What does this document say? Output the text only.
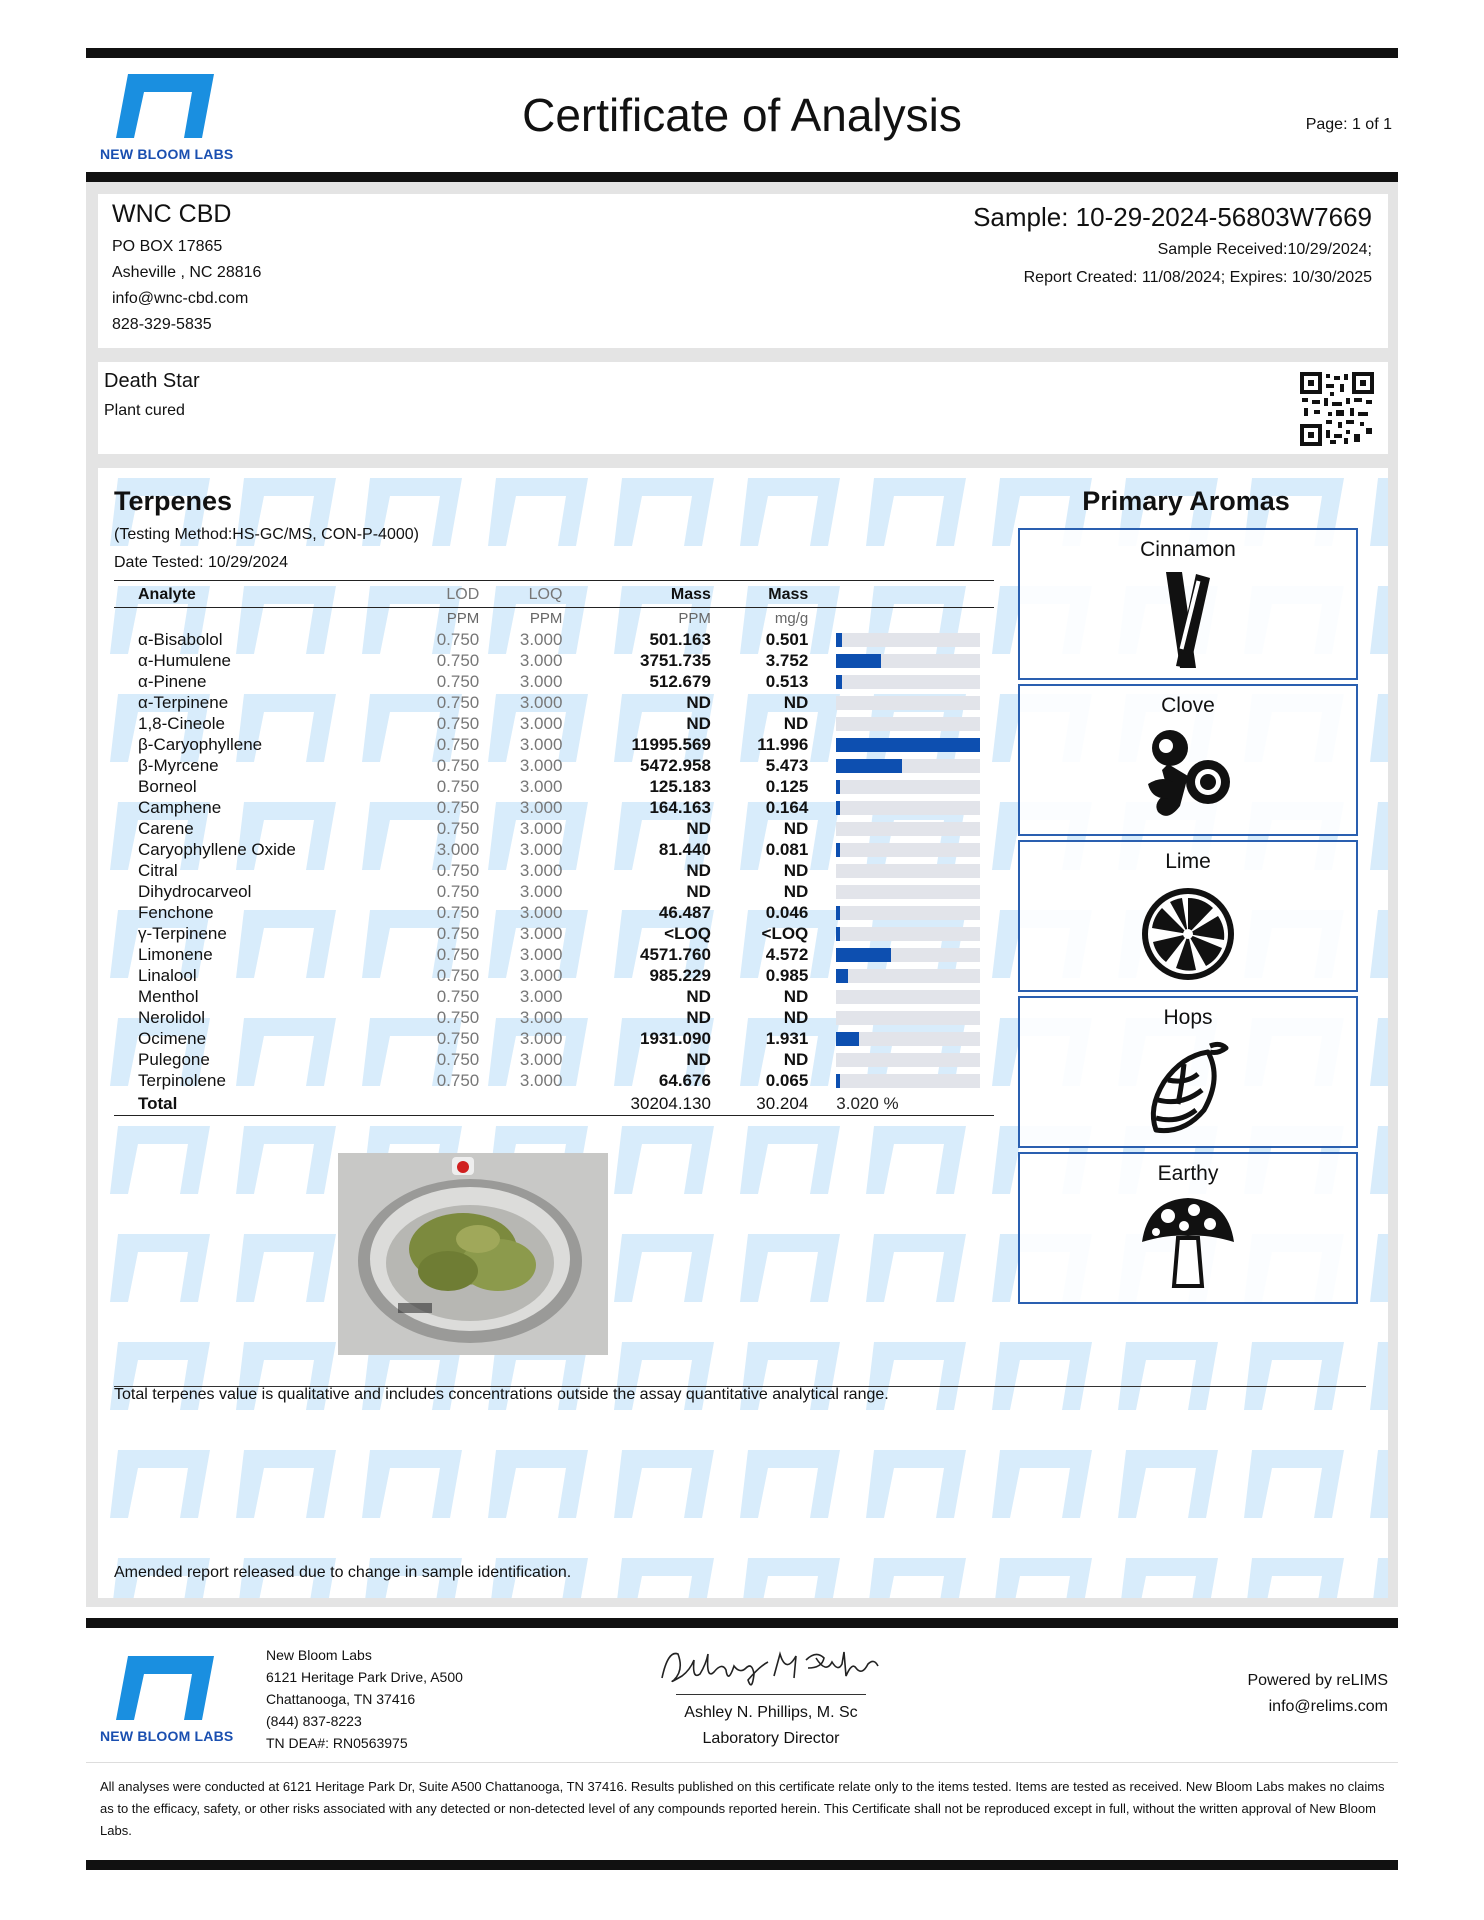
NEW BLOOM LABS
Certificate of Analysis	Page: 1 of 1
WNC CBD
PO BOX 17865
Asheville , NC 28816
info@wnc-cbd.com
828-329-5835
Sample: 10-29-2024-56803W7669
Sample Received:10/29/2024;
Report Created: 11/08/2024; Expires: 10/30/2025
Death Star
Plant cured
Terpenes
(Testing Method:HS-GC/MS, CON-P-4000)
Date Tested: 10/29/2024
Analyte	LOD	LOQ	Mass	Mass	
	PPM	PPM	PPM	mg/g	
α-Bisabolol	0.750	3.000	501.163	0.501	

α-Humulene	0.750	3.000	3751.735	3.752	

α-Pinene	0.750	3.000	512.679	0.513	

α-Terpinene	0.750	3.000	ND	ND	

1,8-Cineole	0.750	3.000	ND	ND	

β-Caryophyllene	0.750	3.000	11995.569	11.996	

β-Myrcene	0.750	3.000	5472.958	5.473	

Borneol	0.750	3.000	125.183	0.125	

Camphene	0.750	3.000	164.163	0.164	

Carene	0.750	3.000	ND	ND	

Caryophyllene Oxide	3.000	3.000	81.440	0.081	

Citral	0.750	3.000	ND	ND	

Dihydrocarveol	0.750	3.000	ND	ND	

Fenchone	0.750	3.000	46.487	0.046	

γ-Terpinene	0.750	3.000	<LOQ	<LOQ	

Limonene	0.750	3.000	4571.760	4.572	

Linalool	0.750	3.000	985.229	0.985	

Menthol	0.750	3.000	ND	ND	

Nerolidol	0.750	3.000	ND	ND	

Ocimene	0.750	3.000	1931.090	1.931	

Pulegone	0.750	3.000	ND	ND	

Terpinolene	0.750	3.000	64.676	0.065	

Total			30204.130	30.204	3.020 %
Total terpenes value is qualitative and includes concentrations outside the assay quantitative analytical range.
Amended report released due to change in sample identification.
Primary Aromas
Cinnamon
Clove
Lime
Hops
Earthy
NEW BLOOM LABS
New Bloom Labs
6121 Heritage Park Drive, A500
Chattanooga, TN 37416
(844) 837-8223
TN DEA#: RN0563975
Ashley N. Phillips, M. Sc
Laboratory Director
Powered by reLIMS
info@relims.com
All analyses were conducted at 6121 Heritage Park Dr, Suite A500 Chattanooga, TN 37416. Results published on this certificate relate only to the items tested. Items are tested as received. New Bloom Labs makes no claims as to the efficacy, safety, or other risks associated with any detected or non-detected level of any compounds reported herein. This Certificate shall not be reproduced except in full, without the written approval of New Bloom Labs.
